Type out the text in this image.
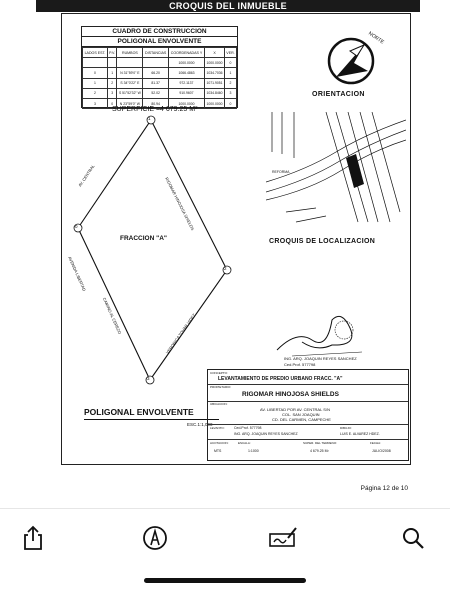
CROQUIS DEL INMUEBLE
CUADRO DE CONSTRUCCION
POLIGONAL ENVOLVENTE
LADOS EST.	P.V.	RUMBOS	DISTANCIAS	COORDENADAS Y	X	VER.
				1000.0000	1000.0000	0
0	1	N 31°59'0" E	66.20	1066.4863	1034.7036	1
1	2	S 34°0'22" E	81.37	972.1137	1071.9051	2
2	3	S 51°52'32" W	52.02	910.9607	1034.8460	3
3	0	N 23°59'0" W	80.94	1000.0000	1000.0000	0
NORTE
ORIENTACION
SUPERFICIE =4 679.25 M²
1
2
3
0
FRACCION "A"
AV. CENTRAL
RIGOMAR HINOJOSA SHIELDS
AVENIDA LIBERTAD
CAMINO AL CEREZO	VERONICA TOVAR VIDEZ
REFORMA
CROQUIS DE LOCALIZACION
ING. ARQ. JOAQUIN REYES SANCHEZ
Ced.Prof. 577798
POLIGONAL ENVOLVENTE
ESC.1:1,000
CONCEPTO:
LEVANTAMIENTO DE PREDIO URBANO FRACC. "A"
PROPIETARIO:
RIGOMAR HINOJOSA SHIELDS
UBICACION:
AV. LIBERTAD POR AV. CENTRAL S/N
COL. SAN JOAQUIN
CD. DEL CARMEN, CAMPECHE
LEVANTO:	Ced.Prof. 577798
ING. ARQ. JOAQUIN REYES SANCHEZ
DIBUJO:
LUIS E. ALVAREZ HDEZ.
ACOTACION:
MTS
ESCALA:
1:1000
SUPER. DEL TERRENO:
4 679.25 M²
FECHA:
JULIO/2008
Página 12 de 10
